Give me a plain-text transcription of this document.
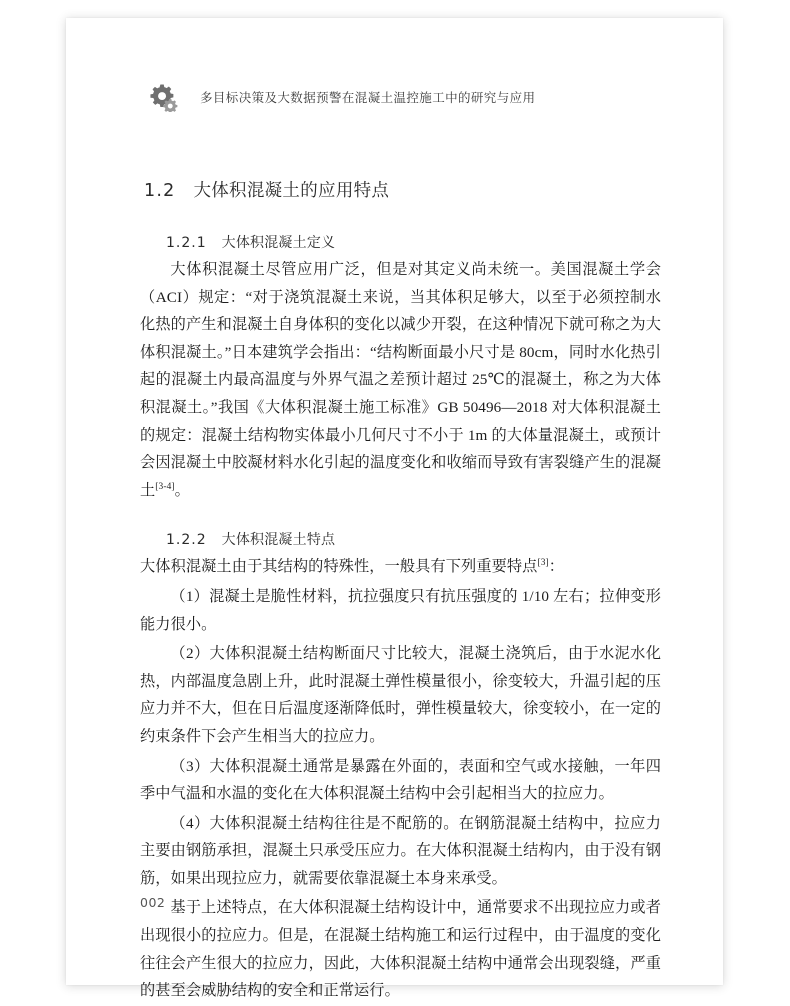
多目标决策及大数据预警在混凝土温控施工中的研究与应用
1.2 大体积混凝土的应用特点
1.2.1 大体积混凝土定义

大体积混凝土尽管应用广泛，但是对其定义尚未统一。美国混凝土学会（ACI）规定：“对于浇筑混凝土来说，当其体积足够大，以至于必须控制水化热的产生和混凝土自身体积的变化以减少开裂，在这种情况下就可称之为大体积混凝土。”日本建筑学会指出：“结构断面最小尺寸是 80cm，同时水化热引起的混凝土内最高温度与外界气温之差预计超过 25℃的混凝土，称之为大体积混凝土。”我国《大体积混凝土施工标准》GB 50496—2018 对大体积混凝土的规定：混凝土结构物实体最小几何尺寸不小于 1m 的大体量混凝土，或预计会因混凝土中胶凝材料水化引起的温度变化和收缩而导致有害裂缝产生的混凝土[3-4]。

1.2.2 大体积混凝土特点

大体积混凝土由于其结构的特殊性，一般具有下列重要特点[3]：

（1）混凝土是脆性材料，抗拉强度只有抗压强度的 1/10 左右；拉伸变形能力很小。

（2）大体积混凝土结构断面尺寸比较大，混凝土浇筑后，由于水泥水化热，内部温度急剧上升，此时混凝土弹性模量很小，徐变较大，升温引起的压应力并不大，但在日后温度逐渐降低时，弹性模量较大，徐变较小，在一定的约束条件下会产生相当大的拉应力。

（3）大体积混凝土通常是暴露在外面的，表面和空气或水接触，一年四季中气温和水温的变化在大体积混凝土结构中会引起相当大的拉应力。

（4）大体积混凝土结构往往是不配筋的。在钢筋混凝土结构中，拉应力主要由钢筋承担，混凝土只承受压应力。在大体积混凝土结构内，由于没有钢筋，如果出现拉应力，就需要依靠混凝土本身来承受。

基于上述特点，在大体积混凝土结构设计中，通常要求不出现拉应力或者出现很小的拉应力。但是，在混凝土结构施工和运行过程中，由于温度的变化往往会产生很大的拉应力，因此，大体积混凝土结构中通常会出现裂缝，严重的甚至会威胁结构的安全和正常运行。

002
